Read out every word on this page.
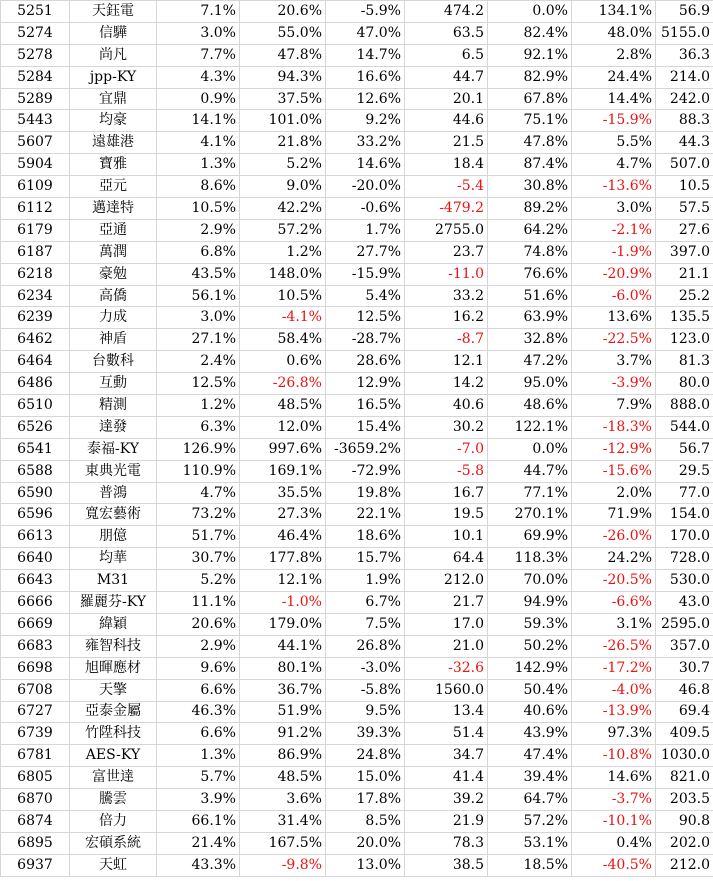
5251	天鈺電	7.1%	20.6%	-5.9%	474.2	0.0%	134.1%	56.9
5274	信驊	3.0%	55.0%	47.0%	63.5	82.4%	48.0%	5155.0
5278	尚凡	7.7%	47.8%	14.7%	6.5	92.1%	2.8%	36.3
5284	jpp-KY	4.3%	94.3%	16.6%	44.7	82.9%	24.4%	214.0
5289	宜鼎	0.9%	37.5%	12.6%	20.1	67.8%	14.4%	242.0
5443	均豪	14.1%	101.0%	9.2%	44.6	75.1%	-15.9%	88.3
5607	遠雄港	4.1%	21.8%	33.2%	21.5	47.8%	5.5%	44.3
5904	寶雅	1.3%	5.2%	14.6%	18.4	87.4%	4.7%	507.0
6109	亞元	8.6%	9.0%	-20.0%	-5.4	30.8%	-13.6%	10.5
6112	邁達特	10.5%	42.2%	-0.6%	-479.2	89.2%	3.0%	57.5
6179	亞通	2.9%	57.2%	1.7%	2755.0	64.2%	-2.1%	27.6
6187	萬潤	6.8%	1.2%	27.7%	23.7	74.8%	-1.9%	397.0
6218	豪勉	43.5%	148.0%	-15.9%	-11.0	76.6%	-20.9%	21.1
6234	高僑	56.1%	10.5%	5.4%	33.2	51.6%	-6.0%	25.2
6239	力成	3.0%	-4.1%	12.5%	16.2	63.9%	13.6%	135.5
6462	神盾	27.1%	58.4%	-28.7%	-8.7	32.8%	-22.5%	123.0
6464	台數科	2.4%	0.6%	28.6%	12.1	47.2%	3.7%	81.3
6486	互動	12.5%	-26.8%	12.9%	14.2	95.0%	-3.9%	80.0
6510	精測	1.2%	48.5%	16.5%	40.6	48.6%	7.9%	888.0
6526	達發	6.3%	12.0%	15.4%	30.2	122.1%	-18.3%	544.0
6541	泰福-KY	126.9%	997.6%	-3659.2%	-7.0	0.0%	-12.9%	56.7
6588	東典光電	110.9%	169.1%	-72.9%	-5.8	44.7%	-15.6%	29.5
6590	普鴻	4.7%	35.5%	19.8%	16.7	77.1%	2.0%	77.0
6596	寬宏藝術	73.2%	27.3%	22.1%	19.5	270.1%	71.9%	154.0
6613	朋億	51.7%	46.4%	18.6%	10.1	69.9%	-26.0%	170.0
6640	均華	30.7%	177.8%	15.7%	64.4	118.3%	24.2%	728.0
6643	M31	5.2%	12.1%	1.9%	212.0	70.0%	-20.5%	530.0
6666	羅麗芬-KY	11.1%	-1.0%	6.7%	21.7	94.9%	-6.6%	43.0
6669	緯穎	20.6%	179.0%	7.5%	17.0	59.3%	3.1%	2595.0
6683	雍智科技	2.9%	44.1%	26.8%	21.0	50.2%	-26.5%	357.0
6698	旭暉應材	9.6%	80.1%	-3.0%	-32.6	142.9%	-17.2%	30.7
6708	天擎	6.6%	36.7%	-5.8%	1560.0	50.4%	-4.0%	46.8
6727	亞泰金屬	46.3%	51.9%	9.5%	13.4	40.6%	-13.9%	69.4
6739	竹陞科技	6.6%	91.2%	39.3%	51.4	43.9%	97.3%	409.5
6781	AES-KY	1.3%	86.9%	24.8%	34.7	47.4%	-10.8%	1030.0
6805	富世達	5.7%	48.5%	15.0%	41.4	39.4%	14.6%	821.0
6870	騰雲	3.9%	3.6%	17.8%	39.2	64.7%	-3.7%	203.5
6874	倍力	66.1%	31.4%	8.5%	21.9	57.2%	-10.1%	90.8
6895	宏碩系統	21.4%	167.5%	20.0%	78.3	53.1%	0.4%	202.0
6937	天虹	43.3%	-9.8%	13.0%	38.5	18.5%	-40.5%	212.0
